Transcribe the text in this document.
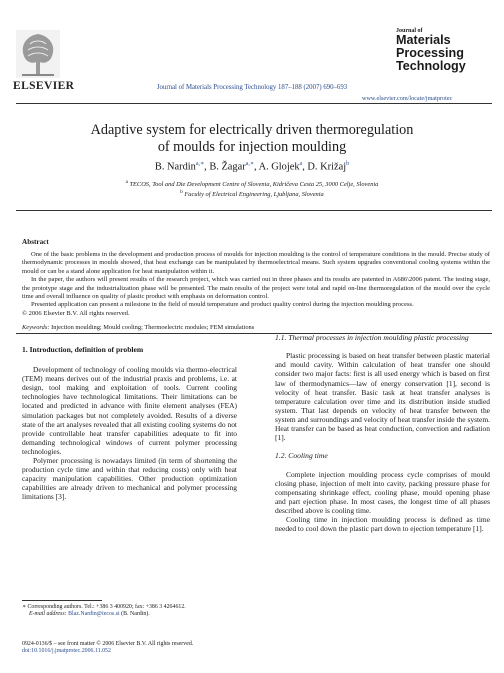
ELSEVIER	Journal of Materials Processing Technology 187–188 (2007) 690–693
Journal of
Materials
Processing
Technology
www.elsevier.com/locate/jmatprotec
Adaptive system for electrically driven thermoregulation
of moulds for injection moulding
B. Nardin$^{a,∗}$, B. Žagar$^{a,∗}$, A. Glojek$^a$, D. Križaj$^b$
$^a$ TECOS, Tool and Die Development Centre of Slovenia, Kidričeva Cesta 25, 3000 Celje, Slovenia
$^b$ Faculty of Electrical Engineering, Ljubljana, Slovenia
Abstract

One of the basic problems in the development and production process of moulds for injection moulding is the control of temperature conditions in the mould. Precise study of thermodynamic processes in moulds showed, that heat exchange can be manipulated by thermoelectrical means. Such system upgrades conventional cooling systems within the mould or can be a stand alone application for heat manipulation within it.

In the paper, the authors will present results of the research project, which was carried out in three phases and its results are patented in A686\2006 patent. The testing stage, the prototype stage and the industrialization phase will be presented. The main results of the project were total and rapid on-line thermoregulation of the mould over the cycle time and overall influence on quality of plastic product with emphasis on deformation control.

Presented application can present a milestone in the field of mould temperature and product quality control during the injection moulding process.

© 2006 Elsevier B.V. All rights reserved.

Keywords: Injection moulding; Mould cooling; Thermoelectric modules; FEM simulations

1. Introduction, definition of problem

Development of technology of cooling moulds via thermo-electrical (TEM) means derives out of the industrial praxis and problems, i.e. at design, tool making and exploitation of tools. Current cooling technologies have technological limitations. Their limitations can be located and predicted in advance with finite element analyses (FEA) simulation packages but not completely avoided. Results of a diverse state of the art analyses revealed that all existing cooling systems do not provide controllable heat transfer capabilities adequate to fit into demanding technological windows of current polymer processing technologies.

Polymer processing is nowadays limited (in term of shortening the production cycle time and within that reducing costs) only with heat capacity manipulation capabilities. Other production optimization capabilities are already driven to mechanical and polymer processing limitations [3].

1.1. Thermal processes in injection moulding plastic processing

Plastic processing is based on heat transfer between plastic material and mould cavity. Within calculation of heat transfer one should consider two major facts: first is all used energy which is based on first law of thermodynamics—law of energy conservation [1], second is velocity of heat transfer. Basic task at heat transfer analyses is temperature calculation over time and its distribution inside studied system. That last depends on velocity of heat transfer between the system and surroundings and velocity of heat transfer inside the system. Heat transfer can be based as heat conduction, convection and radiation [1].

1.2. Cooling time

Complete injection moulding process cycle comprises of mould closing phase, injection of melt into cavity, packing pressure phase for compensating shrinkage effect, cooling phase, mould opening phase and part ejection phase. In most cases, the longest time of all phases described above is cooling time.

Cooling time in injection moulding process is defined as time needed to cool down the plastic part down to ejection temperature [1].

∗ Corresponding authors. Tel.: +386 3 400920; fax: +386 3 4264612.
E-mail address: Blaz.Nardin@tecos.si (B. Nardin).
0924-0136/$ – see front matter © 2006 Elsevier B.V. All rights reserved.
doi:10.1016/j.jmatprotec.2006.11.052
